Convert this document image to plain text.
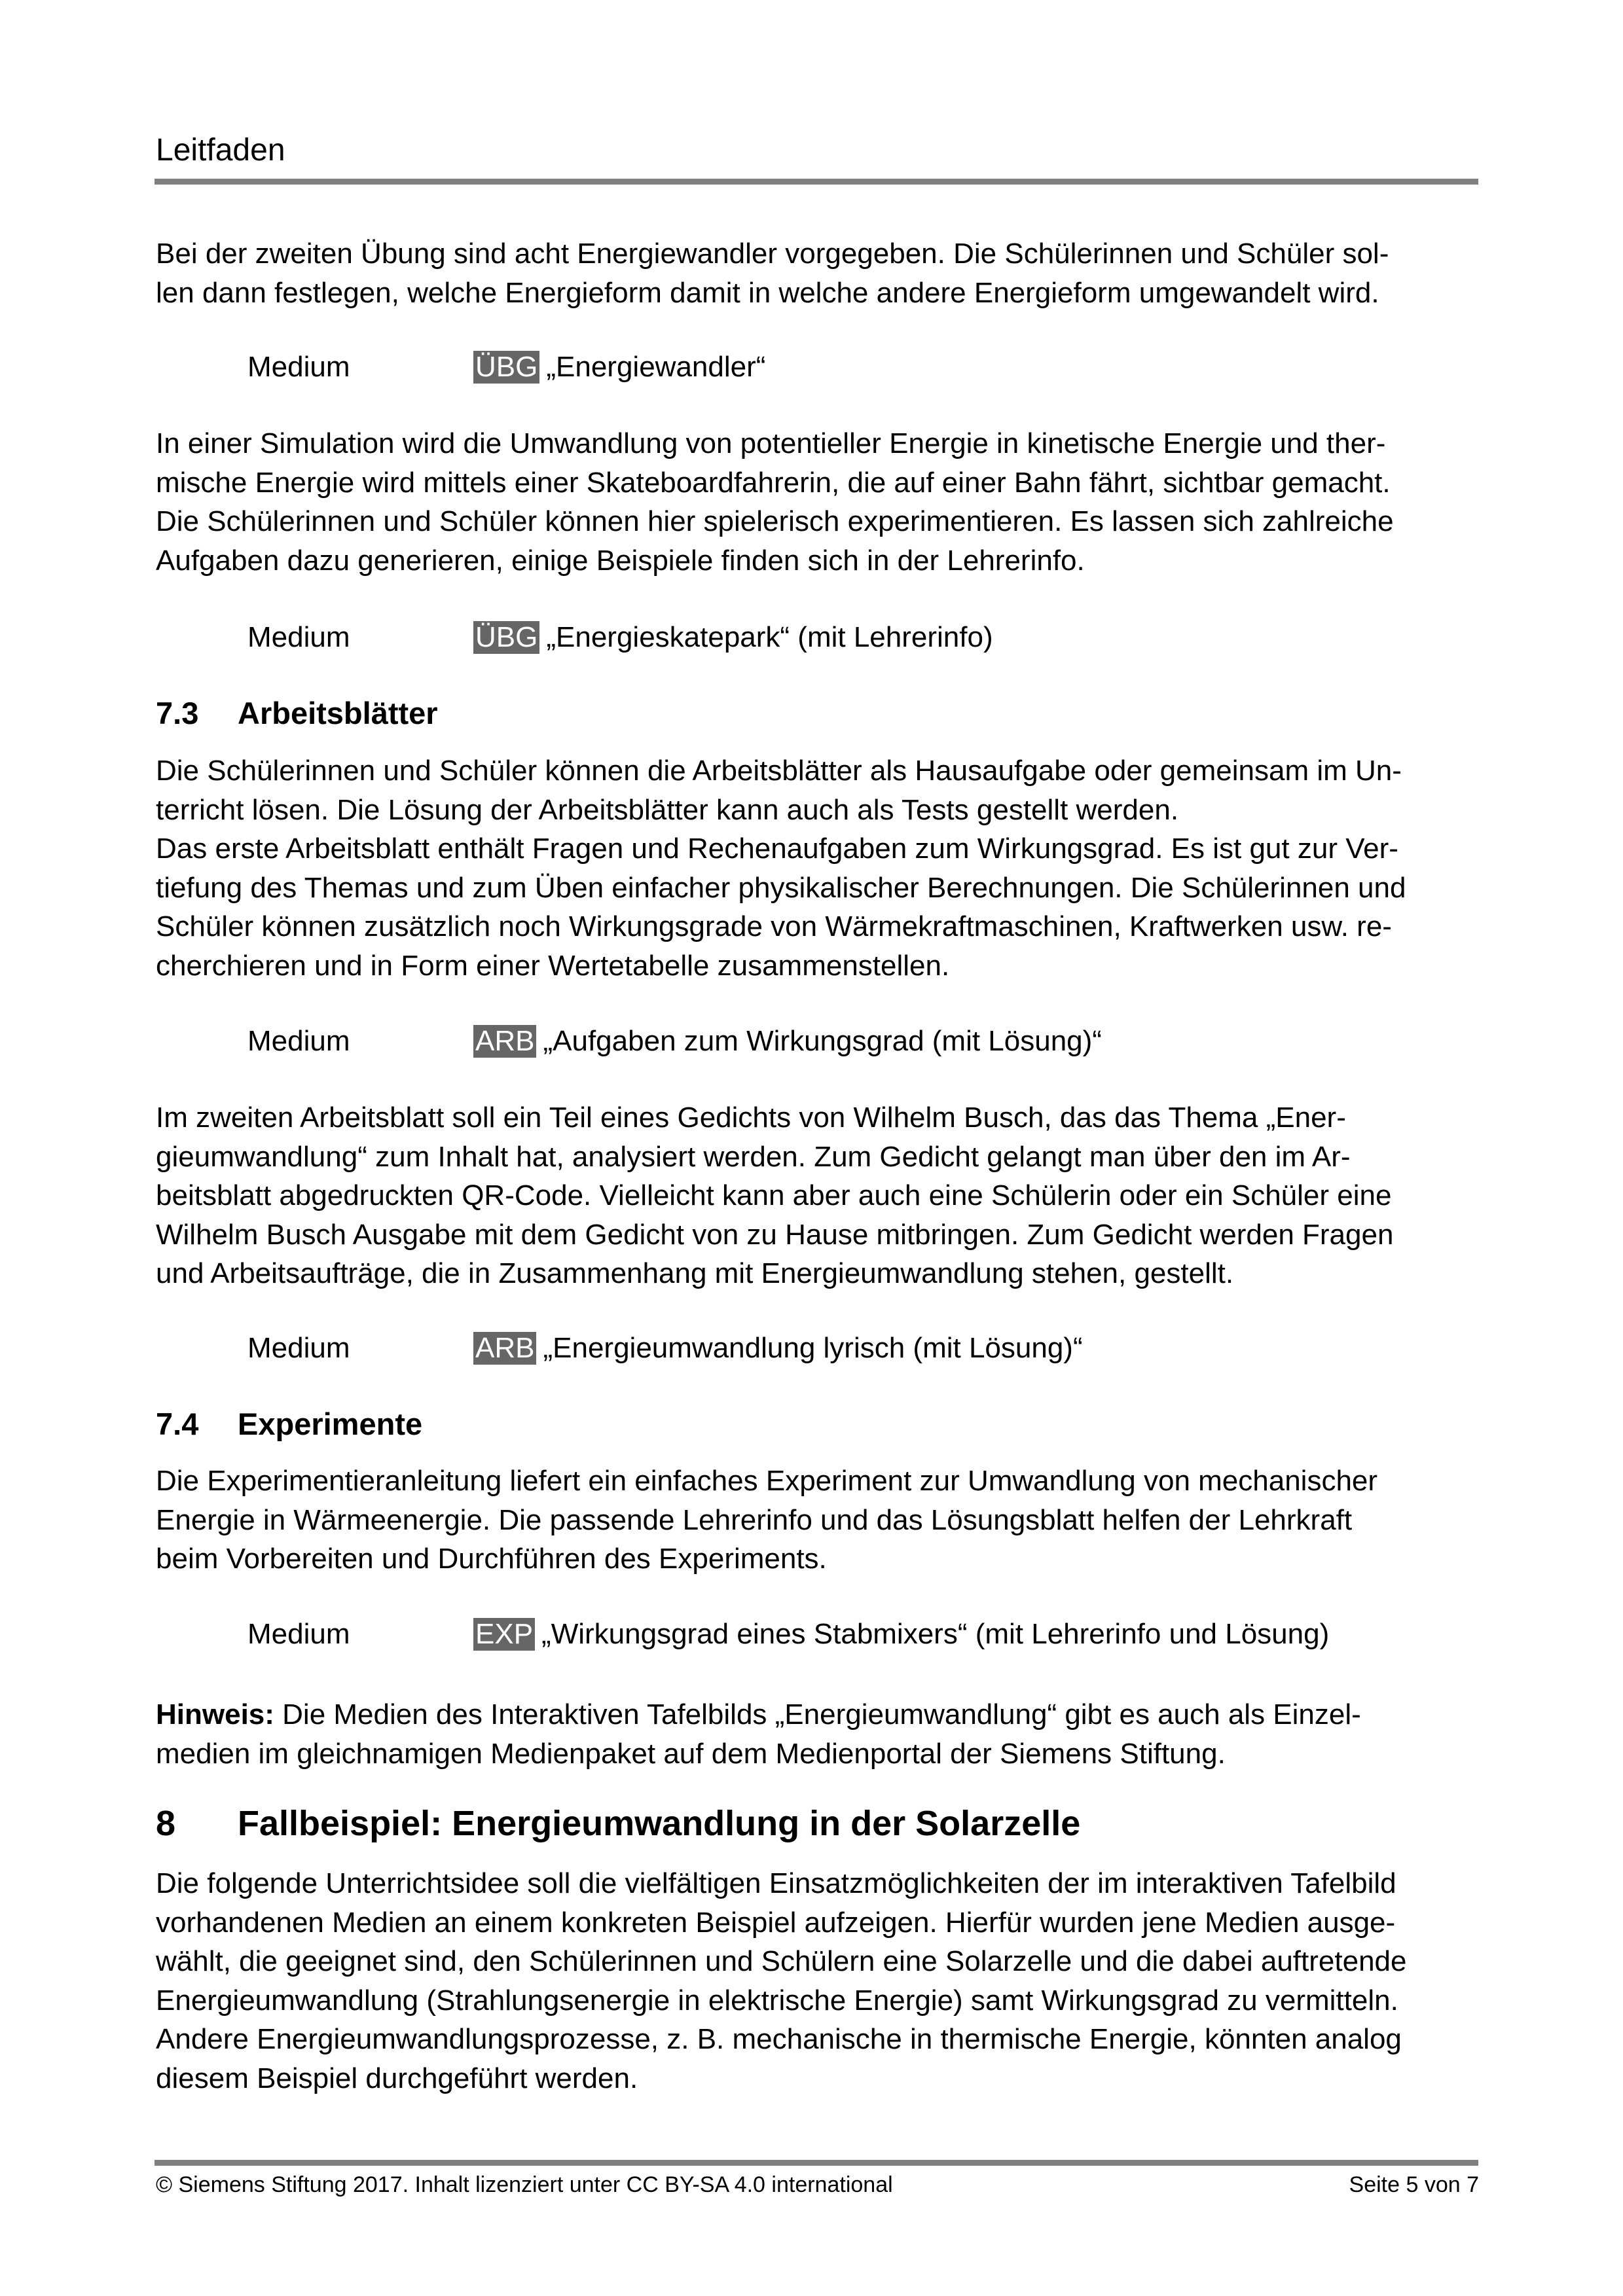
Leitfaden

Bei der zweiten Übung sind acht Energiewandler vorgegeben. Die Schülerinnen und Schüler sol-
len dann festlegen, welche Energieform damit in welche andere Energieform umgewandelt wird.

Medium	ÜBG „Energiewandler“

In einer Simulation wird die Umwandlung von potentieller Energie in kinetische Energie und ther-
mische Energie wird mittels einer Skateboardfahrerin, die auf einer Bahn fährt, sichtbar gemacht.
Die Schülerinnen und Schüler können hier spielerisch experimentieren. Es lassen sich zahlreiche
Aufgaben dazu generieren, einige Beispiele finden sich in der Lehrerinfo.

Medium	ÜBG „Energieskatepark“ (mit Lehrerinfo)
7.3 Arbeitsblätter

Die Schülerinnen und Schüler können die Arbeitsblätter als Hausaufgabe oder gemeinsam im Un-
terricht lösen. Die Lösung der Arbeitsblätter kann auch als Tests gestellt werden.
Das erste Arbeitsblatt enthält Fragen und Rechenaufgaben zum Wirkungsgrad. Es ist gut zur Ver-
tiefung des Themas und zum Üben einfacher physikalischer Berechnungen. Die Schülerinnen und
Schüler können zusätzlich noch Wirkungsgrade von Wärmekraftmaschinen, Kraftwerken usw. re-
cherchieren und in Form einer Wertetabelle zusammenstellen.

Medium	ARB „Aufgaben zum Wirkungsgrad (mit Lösung)“

Im zweiten Arbeitsblatt soll ein Teil eines Gedichts von Wilhelm Busch, das das Thema „Ener-
gieumwandlung“ zum Inhalt hat, analysiert werden. Zum Gedicht gelangt man über den im Ar-
beitsblatt abgedruckten QR-Code. Vielleicht kann aber auch eine Schülerin oder ein Schüler eine
Wilhelm Busch Ausgabe mit dem Gedicht von zu Hause mitbringen. Zum Gedicht werden Fragen
und Arbeitsaufträge, die in Zusammenhang mit Energieumwandlung stehen, gestellt.

Medium	ARB „Energieumwandlung lyrisch (mit Lösung)“
7.4 Experimente

Die Experimentieranleitung liefert ein einfaches Experiment zur Umwandlung von mechanischer
Energie in Wärmeenergie. Die passende Lehrerinfo und das Lösungsblatt helfen der Lehrkraft
beim Vorbereiten und Durchführen des Experiments.

Medium	EXP „Wirkungsgrad eines Stabmixers“ (mit Lehrerinfo und Lösung)

Hinweis: Die Medien des Interaktiven Tafelbilds „Energieumwandlung“ gibt es auch als Einzel-
medien im gleichnamigen Medienpaket auf dem Medienportal der Siemens Stiftung.

8 Fallbeispiel: Energieumwandlung in der Solarzelle

Die folgende Unterrichtsidee soll die vielfältigen Einsatzmöglichkeiten der im interaktiven Tafelbild
vorhandenen Medien an einem konkreten Beispiel aufzeigen. Hierfür wurden jene Medien ausge-
wählt, die geeignet sind, den Schülerinnen und Schülern eine Solarzelle und die dabei auftretende
Energieumwandlung (Strahlungsenergie in elektrische Energie) samt Wirkungsgrad zu vermitteln.
Andere Energieumwandlungsprozesse, z. B. mechanische in thermische Energie, könnten analog
diesem Beispiel durchgeführt werden.

© Siemens Stiftung 2017. Inhalt lizenziert unter CC BY-SA 4.0 international	Seite 5 von 7
